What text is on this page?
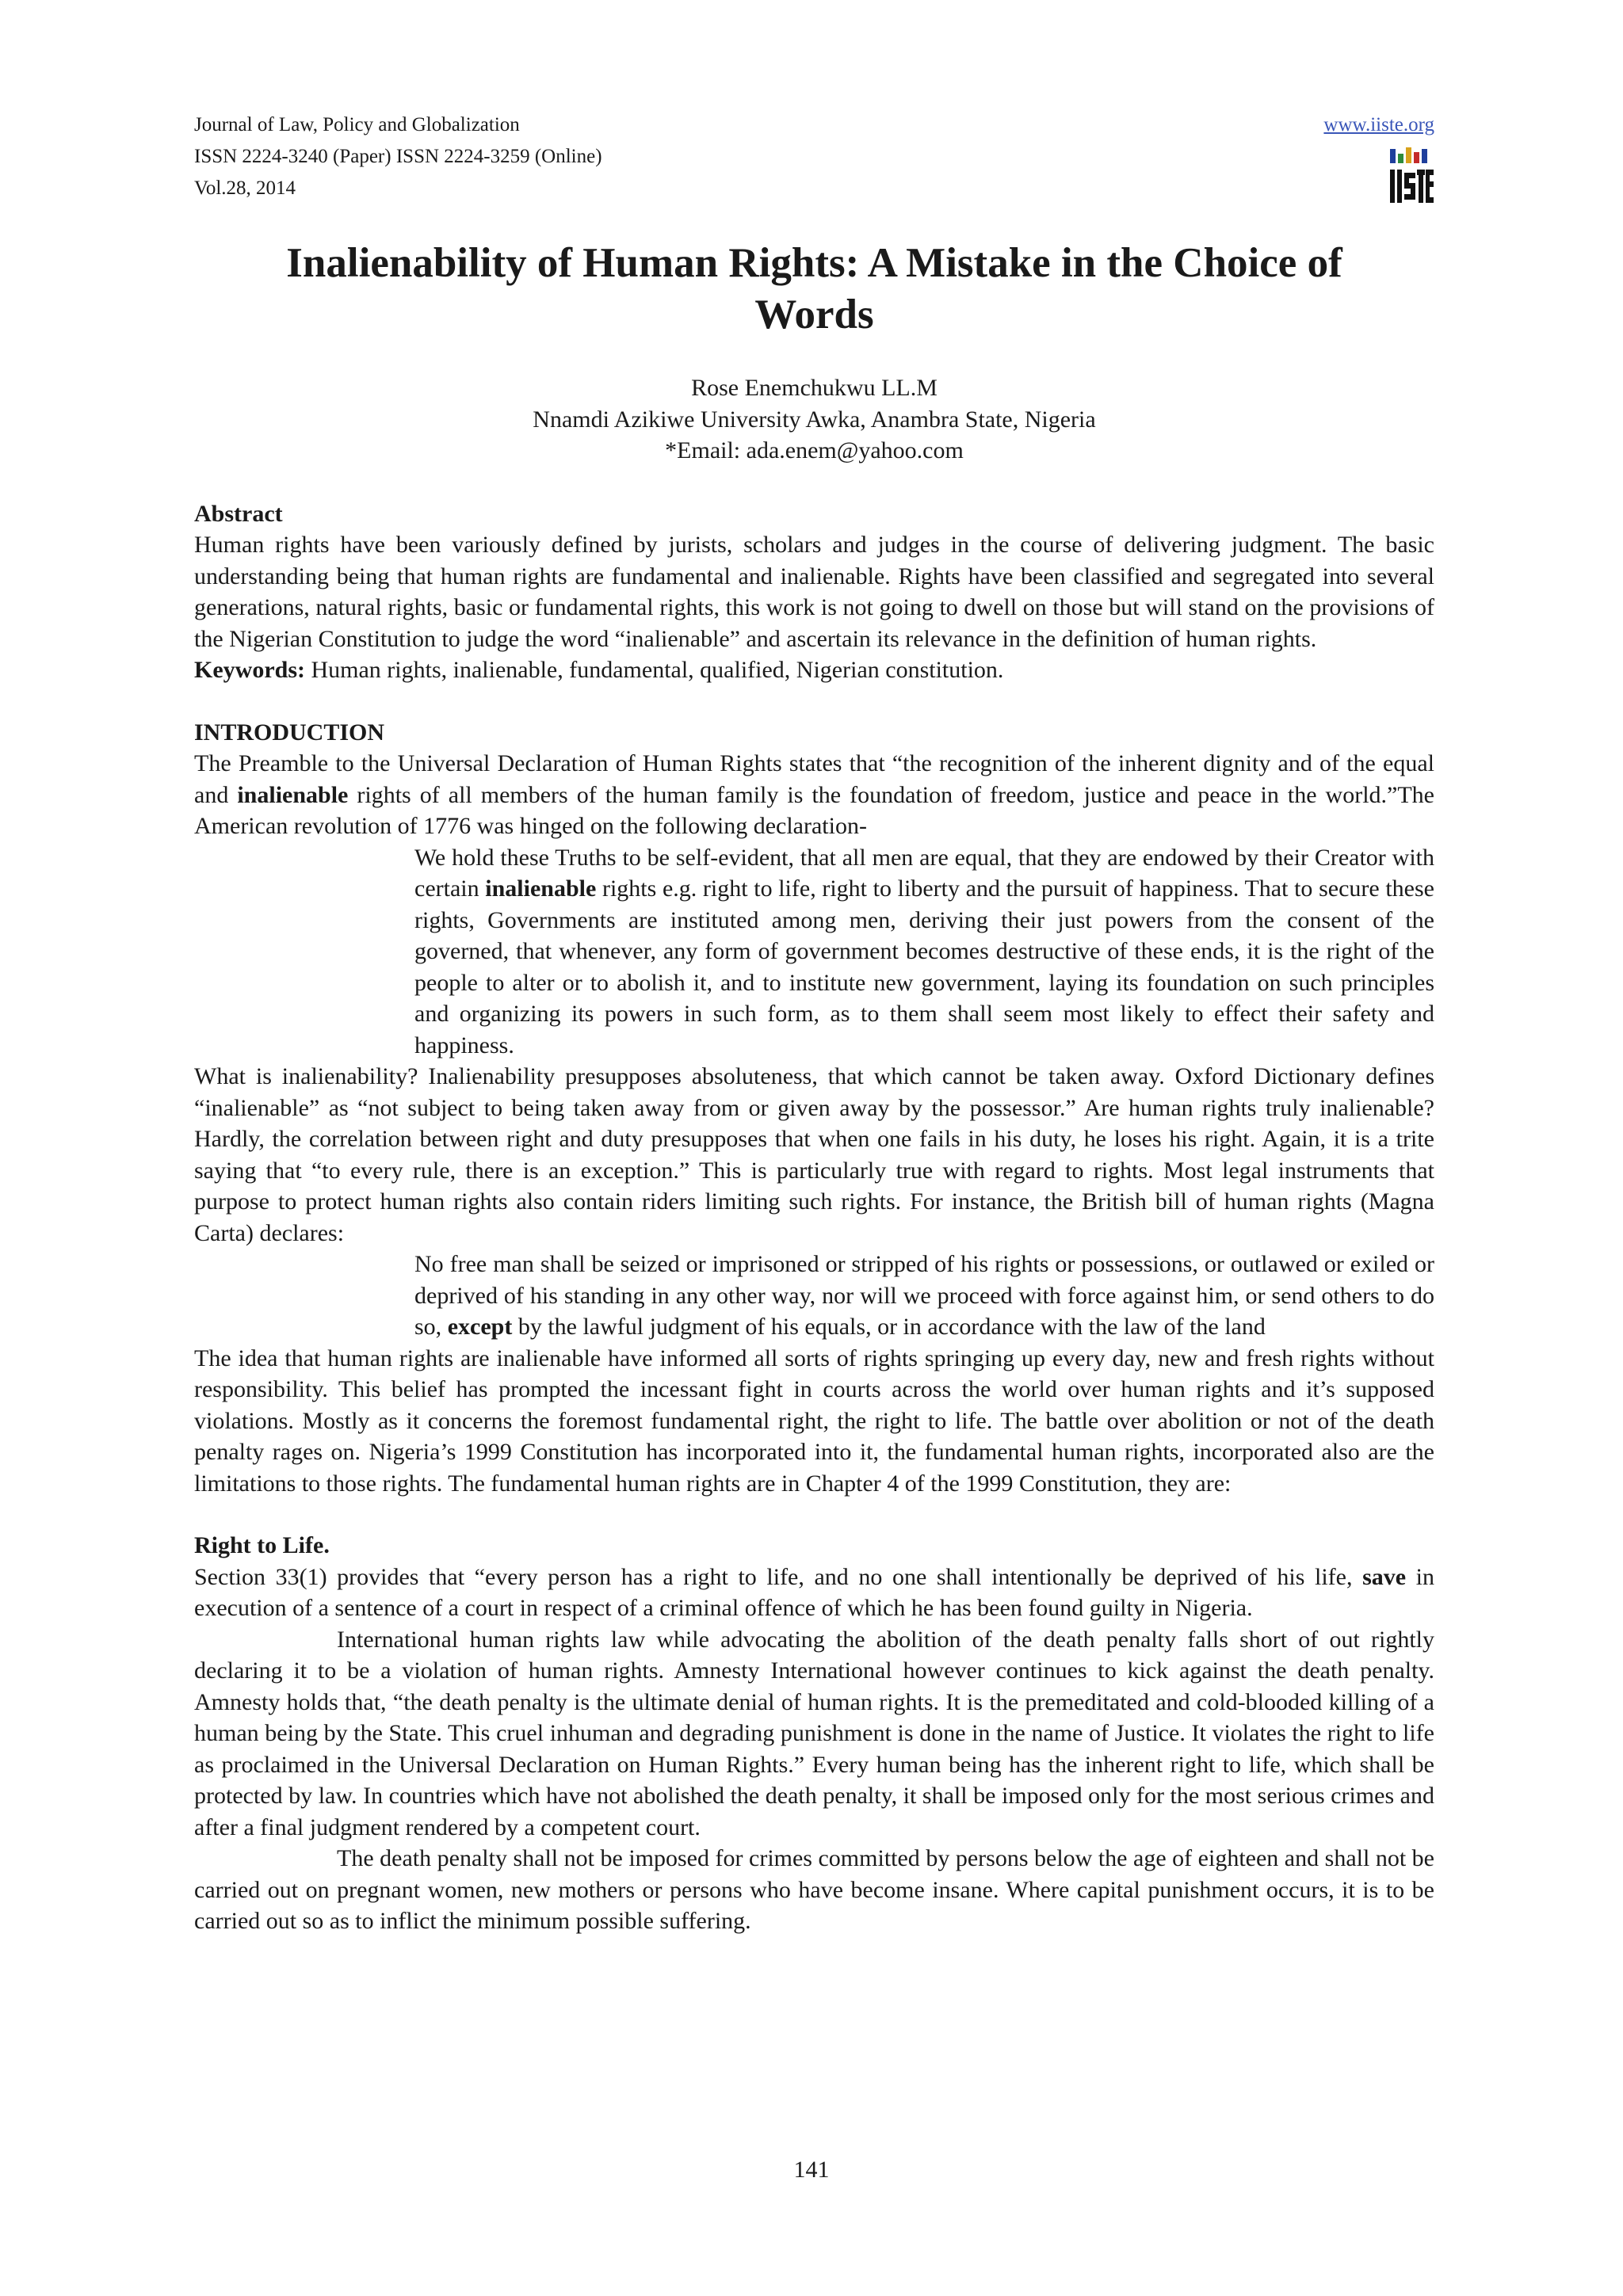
Journal of Law, Policy and Globalization
ISSN 2224-3240 (Paper) ISSN 2224-3259 (Online)
Vol.28, 2014
www.iiste.org
Inalienability of Human Rights: A Mistake in the Choice of Words
Rose Enemchukwu LL.M
Nnamdi Azikiwe University Awka, Anambra State, Nigeria
*Email: ada.enem@yahoo.com
Abstract

Human rights have been variously defined by jurists, scholars and judges in the course of delivering judgment. The basic understanding being that human rights are fundamental and inalienable. Rights have been classified and segregated into several generations, natural rights, basic or fundamental rights, this work is not going to dwell on those but will stand on the provisions of the Nigerian Constitution to judge the word “inalienable” and ascertain its relevance in the definition of human rights.

Keywords: Human rights, inalienable, fundamental, qualified, Nigerian constitution.

INTRODUCTION

The Preamble to the Universal Declaration of Human Rights states that “the recognition of the inherent dignity and of the equal and inalienable rights of all members of the human family is the foundation of freedom, justice and peace in the world.”The American revolution of 1776 was hinged on the following declaration-

We hold these Truths to be self-evident, that all men are equal, that they are endowed by their Creator with certain inalienable rights e.g. right to life, right to liberty and the pursuit of happiness. That to secure these rights, Governments are instituted among men, deriving their just powers from the consent of the governed, that whenever, any form of government becomes destructive of these ends, it is the right of the people to alter or to abolish it, and to institute new government, laying its foundation on such principles and organizing its powers in such form, as to them shall seem most likely to effect their safety and happiness.

What is inalienability? Inalienability presupposes absoluteness, that which cannot be taken away. Oxford Dictionary defines “inalienable” as “not subject to being taken away from or given away by the possessor.” Are human rights truly inalienable? Hardly, the correlation between right and duty presupposes that when one fails in his duty, he loses his right. Again, it is a trite saying that “to every rule, there is an exception.” This is particularly true with regard to rights. Most legal instruments that purpose to protect human rights also contain riders limiting such rights. For instance, the British bill of human rights (Magna Carta) declares:

No free man shall be seized or imprisoned or stripped of his rights or possessions, or outlawed or exiled or deprived of his standing in any other way, nor will we proceed with force against him, or send others to do so, except by the lawful judgment of his equals, or in accordance with the law of the land

The idea that human rights are inalienable have informed all sorts of rights springing up every day, new and fresh rights without responsibility. This belief has prompted the incessant fight in courts across the world over human rights and it’s supposed violations. Mostly as it concerns the foremost fundamental right, the right to life. The battle over abolition or not of the death penalty rages on. Nigeria’s 1999 Constitution has incorporated into it, the fundamental human rights, incorporated also are the limitations to those rights. The fundamental human rights are in Chapter 4 of the 1999 Constitution, they are:

Right to Life.

Section 33(1) provides that “every person has a right to life, and no one shall intentionally be deprived of his life, save in execution of a sentence of a court in respect of a criminal offence of which he has been found guilty in Nigeria.

International human rights law while advocating the abolition of the death penalty falls short of out rightly declaring it to be a violation of human rights. Amnesty International however continues to kick against the death penalty. Amnesty holds that, “the death penalty is the ultimate denial of human rights. It is the premeditated and cold-blooded killing of a human being by the State. This cruel inhuman and degrading punishment is done in the name of Justice. It violates the right to life as proclaimed in the Universal Declaration on Human Rights.” Every human being has the inherent right to life, which shall be protected by law. In countries which have not abolished the death penalty, it shall be imposed only for the most serious crimes and after a final judgment rendered by a competent court.

The death penalty shall not be imposed for crimes committed by persons below the age of eighteen and shall not be carried out on pregnant women, new mothers or persons who have become insane. Where capital punishment occurs, it is to be carried out so as to inflict the minimum possible suffering.

141
